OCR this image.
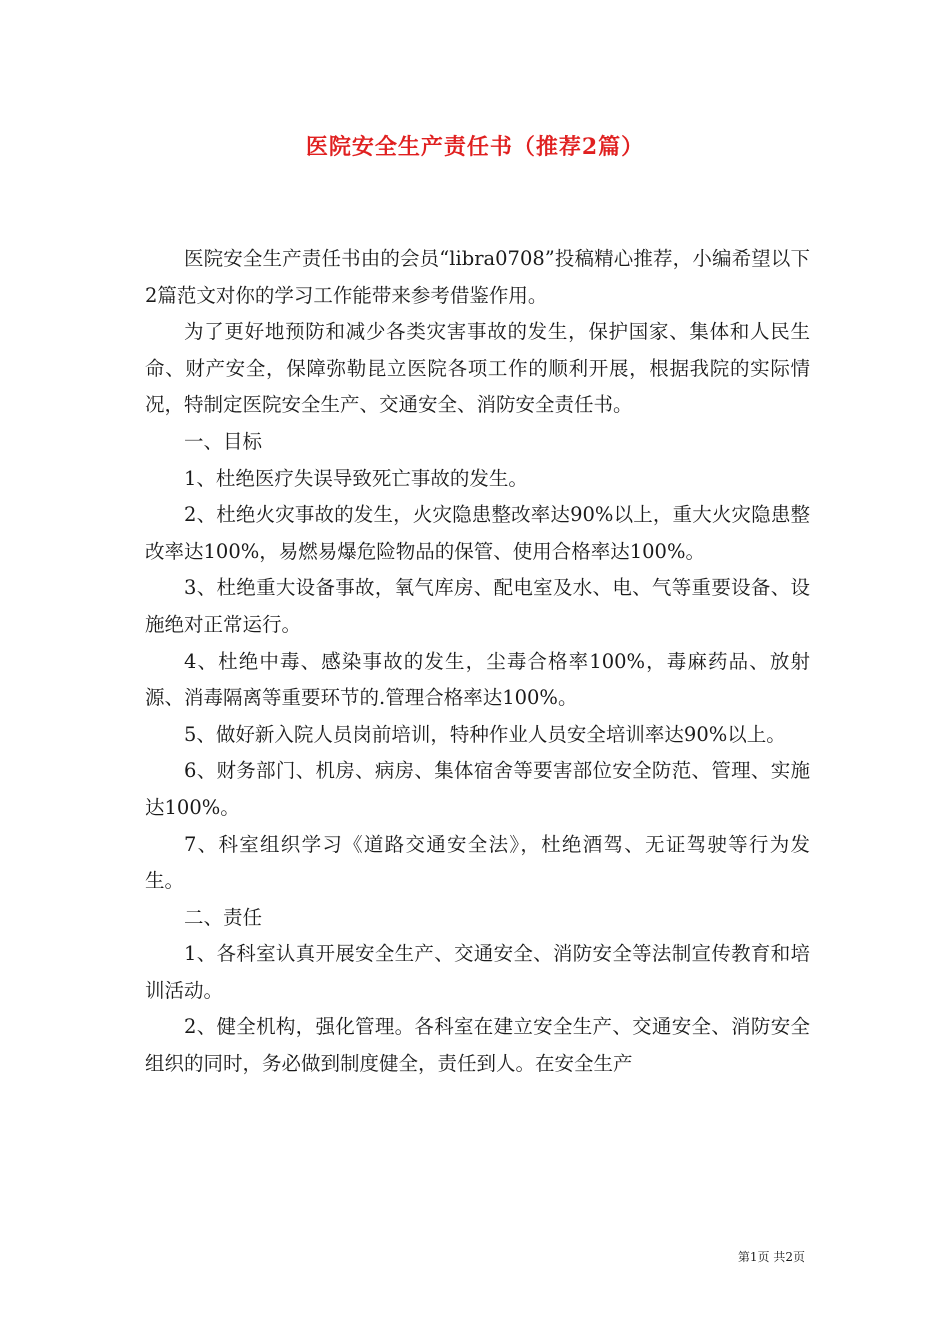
医院安全生产责任书（推荐2篇）

医院安全生产责任书由的会员“libra0708”投稿精心推荐，小编希望以下2篇范文对你的学习工作能带来参考借鉴作用。

为了更好地预防和减少各类灾害事故的发生，保护国家、集体和人民生命、财产安全，保障弥勒昆立医院各项工作的顺利开展，根据我院的实际情况，特制定医院安全生产、交通安全、消防安全责任书。

一、目标

1、杜绝医疗失误导致死亡事故的发生。

2、杜绝火灾事故的发生，火灾隐患整改率达90%以上，重大火灾隐患整改率达100%，易燃易爆危险物品的保管、使用合格率达100%。

3、杜绝重大设备事故，氧气库房、配电室及水、电、气等重要设备、设施绝对正常运行。

4、杜绝中毒、感染事故的发生，尘毒合格率100%，毒麻药品、放射源、消毒隔离等重要环节的.管理合格率达100%。

5、做好新入院人员岗前培训，特种作业人员安全培训率达90%以上。

6、财务部门、机房、病房、集体宿舍等要害部位安全防范、管理、实施达100%。

7、科室组织学习《道路交通安全法》，杜绝酒驾、无证驾驶等行为发生。

二、责任

1、各科室认真开展安全生产、交通安全、消防安全等法制宣传教育和培训活动。

2、健全机构，强化管理。各科室在建立安全生产、交通安全、消防安全组织的同时，务必做到制度健全，责任到人。在安全生产

第1页 共2页
